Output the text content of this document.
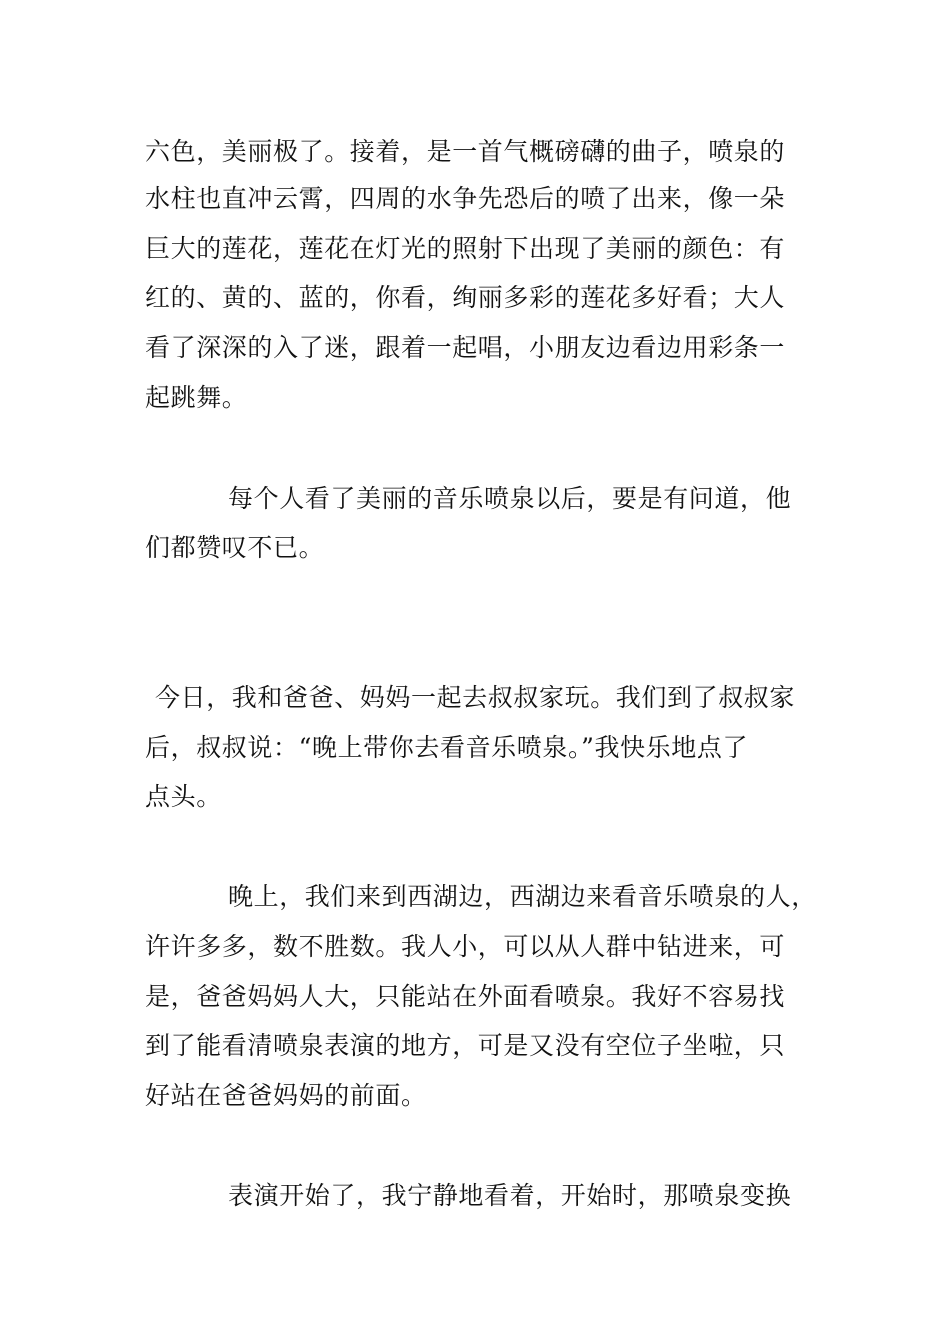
六色，美丽极了。接着，是一首气概磅礴的曲子，喷泉的
水柱也直冲云霄，四周的水争先恐后的喷了出来，像一朵
巨大的莲花，莲花在灯光的照射下出现了美丽的颜色：有
红的、黄的、蓝的，你看，绚丽多彩的莲花多好看；大人
看了深深的入了迷，跟着一起唱，小朋友边看边用彩条一
起跳舞。
每个人看了美丽的音乐喷泉以后，要是有问道，他
们都赞叹不已。
今日，我和爸爸、妈妈一起去叔叔家玩。我们到了叔叔家
后，叔叔说：“晚上带你去看音乐喷泉。”我快乐地点了
点头。
晚上，我们来到西湖边，西湖边来看音乐喷泉的人，
许许多多，数不胜数。我人小，可以从人群中钻进来，可
是，爸爸妈妈人大，只能站在外面看喷泉。我好不容易找
到了能看清喷泉表演的地方，可是又没有空位子坐啦，只
好站在爸爸妈妈的前面。
表演开始了，我宁静地看着，开始时，那喷泉变换
